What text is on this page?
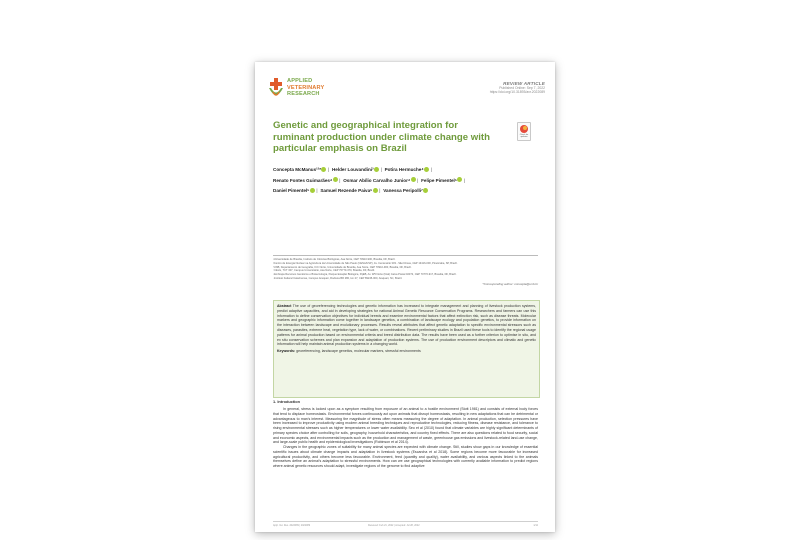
APPLIED
VETERINARY
RESEARCH
REVIEW ARTICLE
Published Online: Sep 7, 2022
https://doi.org/10.31893/avr.2022089
Genetic and geographical integration for ruminant production under climate change with particular emphasis on Brazil
Check for updates
Concepta McManus¹²* | Helder Louvandini³ | Potira Hermuche⁴ |
Renato Fontes Guimarães⁴ | Osmar Abílio Carvalho Junior⁴ | Felipe Pimentel⁵ |
Daniel Pimentel⁵ | Samuel Rezende Paiva⁶ | Vanessa Peripolli⁷
¹Universidade de Brasília, Instituto de Ciências Biológicas, Asa Norte, CEP 70910-900, Brasília, DF, Brazil.
²Centro de Energia Nuclear na Agricultura da Universidade de São Paulo (CENA/USP), Av. Centenário 303 - São Dimas, CEP 13416-000, Piracicaba, SP, Brazil.
³UNB, Departamento de Geografia, ICC Norte, Universidade de Brasília, Asa Norte, CEP 70910-900, Brasília, DF, Brazil.
⁴CELG, TCT 307, Campus Universitário, Asa Norte, CEP 70770-370, Brasília, DF, Brazil.
⁵Embrapa Recursos Genéticos e Biotecnologia, Parque Estação Biológica, PqEB, Av. W5 Norte (final) Caixa Postal 02372, CEP 70770-917, Brasília, DF, Brazil.
⁷Instituto Federal Catarinense, Campus Araquari, Rodovia BR 280, km 27, CEP 89245-000, Araquari, SC, Brazil.
*Corresponding author: concepta@unb.br

Abstract The use of georeferencing technologies and genetic information has increased to integrate management and planning of livestock production systems, predict adaptive capacities, and aid in developing strategies for national Animal Genetic Resource Conservation Programs. Researchers and farmers can use this information to define conservation objectives for individual breeds and examine environmental factors that affect extinction risk, such as disease threats. Molecular markers and geographic information come together in landscape genetics, a combination of landscape ecology and population genetics, to provide information on the interaction between landscape and evolutionary processes. Results reveal attributes that affect genetic adaptation to specific environmental stressors such as diseases, parasites, extreme heat, vegetation type, lack of water, or combinations. Recent preliminary studies in Brazil used these tools to identify the regional usage patterns for animal production based on environmental criteria and breed distribution data. The results have been used as a further criterion to optimise in situ, and ex situ conservation schemes and plan expansion and adaptation of production systems. The use of production environment descriptors and climatic and genetic information will help maintain animal production systems in a changing world.

Keywords: georeferencing, landscape genetics, molecular markers, stressful environments

1. Introduction

In general, stress is looked upon as a symptom resulting from exposure of an animal to a hostile environment (Stott 1981) and consists of external body forces that tend to displace homeostasis. Environmental forces continuously act upon animals that disrupt homeostasis, resulting in new adaptations that can be detrimental or advantageous to man's interest. Measuring the magnitude of stress often means measuring the degree of adaptation. In animal production, selection pressures have been increased to improve productivity using modern animal breeding techniques and reproductive technologies, reducing fitness, disease resistance, and tolerance to rising environmental stresses such as higher temperatures or lower water availability. Seo et al (2010) found that climate variables are highly significant determinants of primary species choice after controlling for soils, geography, household characteristics, and country fixed effects. There are also questions related to food security, social and economic aspects, and environmental impacts such as the production and management of waste, greenhouse gas emissions and livestock-related land-use change, and large-scale public health and epidemiological investigations (Robinson et al 2014).

Changes in the geographic zones of suitability for many animal species are expected with climate change. Still, studies show gaps in our knowledge of essential scientific issues about climate change impacts and adaptation in livestock systems (Escarcha et al 2018). Some regions become more favourable for increased agricultural productivity, and others become less favourable. Environment, feed (quantity and quality), water availability, and various aspects linked to the animals themselves define an animal's adaptation to stressful environments. How can we use geographical technologies with currently available information to predict regions where animal genetic resources should adapt, investigate regions of the genome to find adaptive

Appl. Vet. Res. 2022089 | 2022089	Received: Feb 21, 2022 | Accepted: Jul 28, 2022	1/12
